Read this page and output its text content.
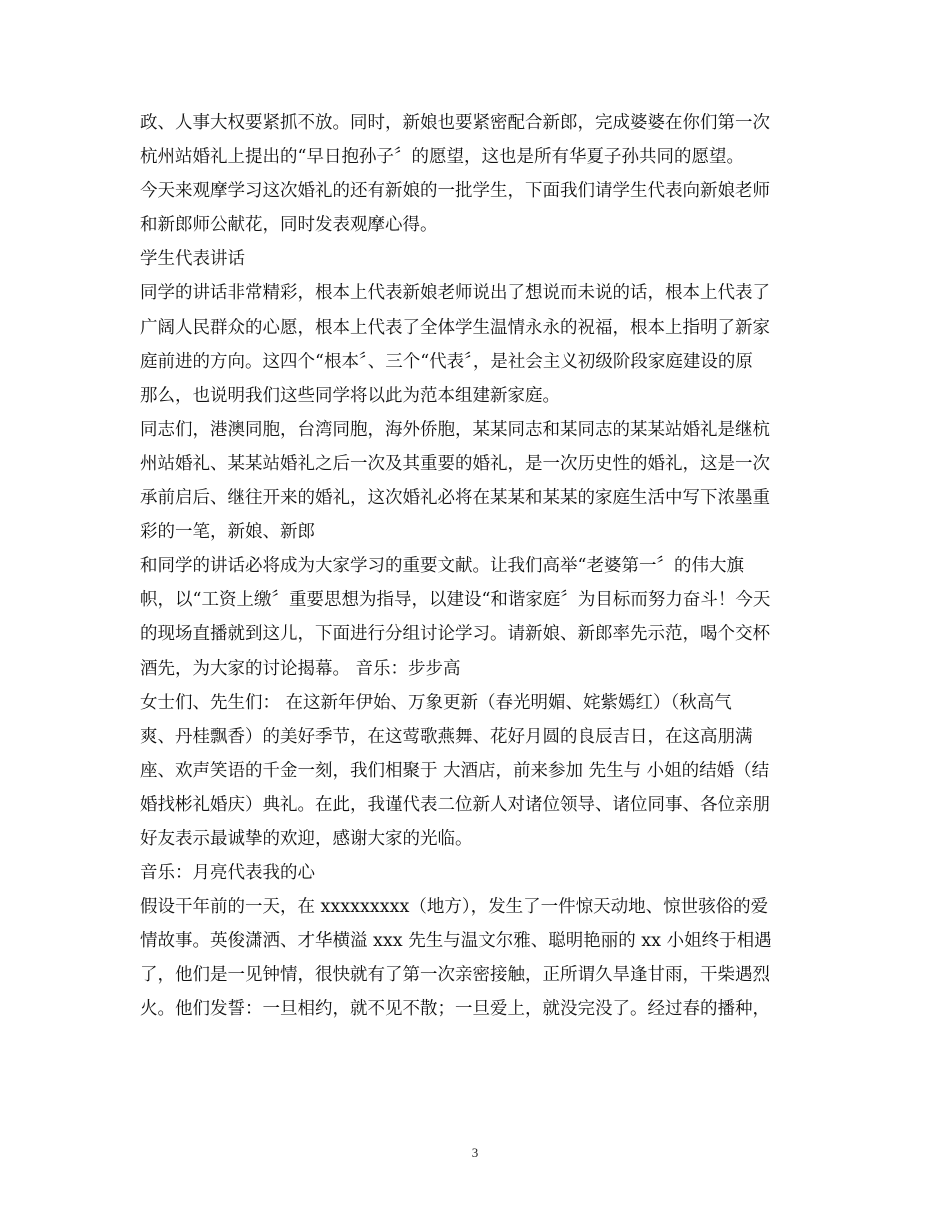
政、人事大权要紧抓不放。同时，新娘也要紧密配合新郎，完成婆婆在你们第一次
杭州站婚礼上提出的“早日抱孙子〞的愿望，这也是所有华夏子孙共同的愿望。
今天来观摩学习这次婚礼的还有新娘的一批学生，下面我们请学生代表向新娘老师
和新郎师公献花，同时发表观摩心得。
学生代表讲话
同学的讲话非常精彩，根本上代表新娘老师说出了想说而未说的话，根本上代表了
广阔人民群众的心愿，根本上代表了全体学生温情永永的祝福，根本上指明了新家
庭前进的方向。这四个“根本〞、三个“代表〞，是社会主义初级阶段家庭建设的原
那么，也说明我们这些同学将以此为范本组建新家庭。
同志们，港澳同胞，台湾同胞，海外侨胞，某某同志和某同志的某某站婚礼是继杭
州站婚礼、某某站婚礼之后一次及其重要的婚礼，是一次历史性的婚礼，这是一次
承前启后、继往开来的婚礼，这次婚礼必将在某某和某某的家庭生活中写下浓墨重
彩的一笔，新娘、新郎
和同学的讲话必将成为大家学习的重要文献。让我们高举“老婆第一〞的伟大旗
帜，以“工资上缴〞重要思想为指导，以建设“和谐家庭〞为目标而努力奋斗！今天
的现场直播就到这儿，下面进行分组讨论学习。请新娘、新郎率先示范，喝个交杯
酒先，为大家的讨论揭幕。 音乐：步步高
女士们、先生们： 在这新年伊始、万象更新（春光明媚、姹紫嫣红）（秋高气
爽、丹桂飘香）的美好季节，在这莺歌燕舞、花好月圆的良辰吉日，在这高朋满
座、欢声笑语的千金一刻，我们相聚于 大酒店，前来参加 先生与 小姐的结婚（结
婚找彬礼婚庆）典礼。在此，我谨代表二位新人对诸位领导、诸位同事、各位亲朋
好友表示最诚挚的欢迎，感谢大家的光临。
音乐：月亮代表我的心
假设干年前的一天，在 xxxxxxxxx（地方），发生了一件惊天动地、惊世骇俗的爱
情故事。英俊潇洒、才华横溢 xxx 先生与温文尔雅、聪明艳丽的 xx 小姐终于相遇
了，他们是一见钟情，很快就有了第一次亲密接触，正所谓久旱逢甘雨，干柴遇烈
火。他们发誓：一旦相约，就不见不散；一旦爱上，就没完没了。经过春的播种，
3
